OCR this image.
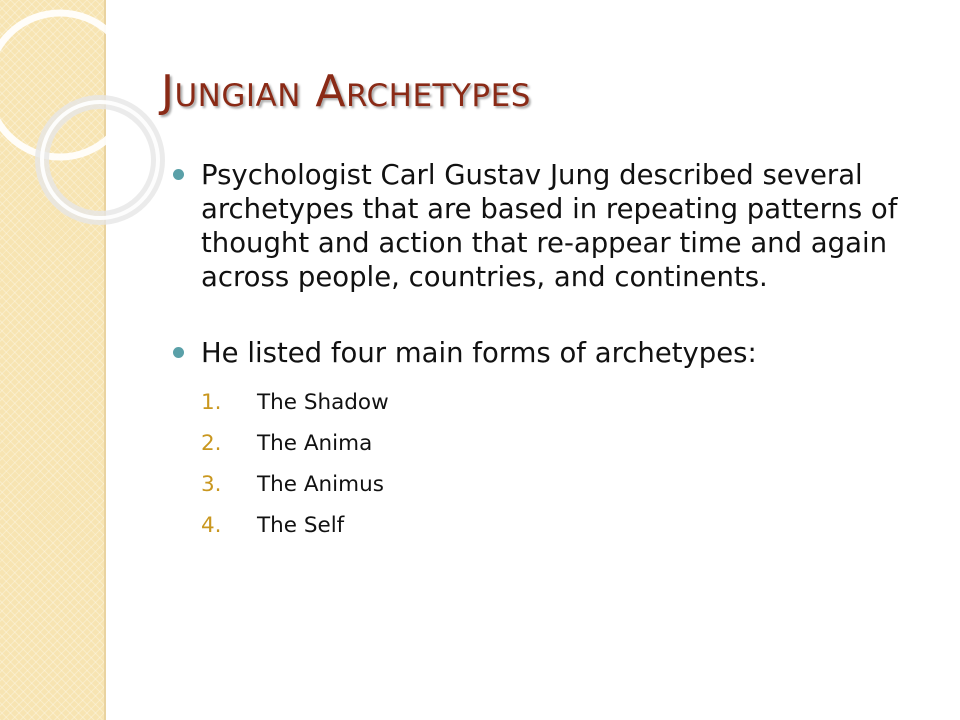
Jungian Archetypes
Psychologist Carl Gustav Jung described several archetypes that are based in repeating patterns of thought and action that re-appear time and again across people, countries, and continents.
He listed four main forms of archetypes:
1. The Shadow
2. The Anima
3. The Animus
4. The Self
